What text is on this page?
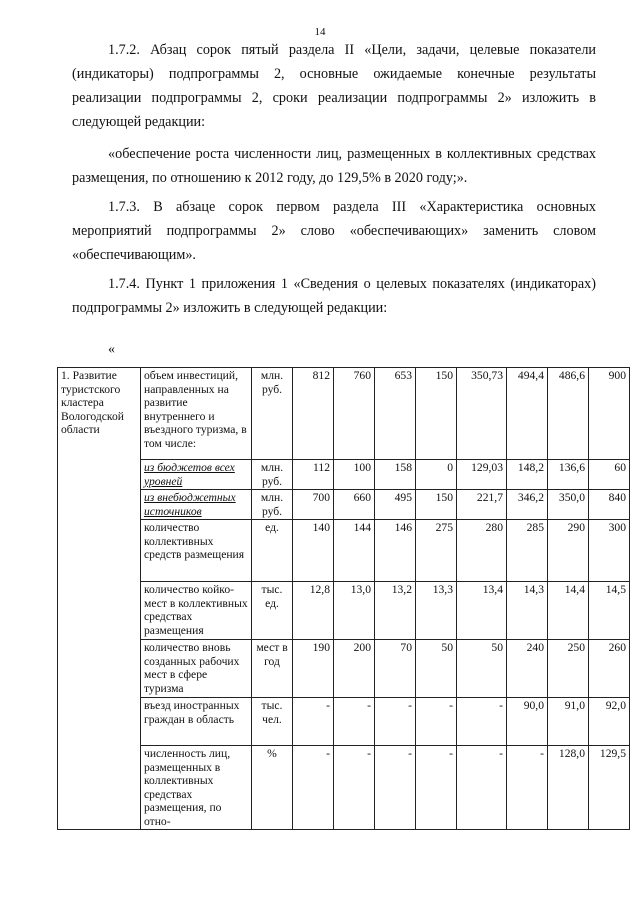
14

1.7.2. Абзац сорок пятый раздела II «Цели, задачи, целевые показатели (индикаторы) подпрограммы 2, основные ожидаемые конечные результаты реализации подпрограммы 2, сроки реализации подпрограммы 2» изложить в следующей редакции:

«обеспечение роста численности лиц, размещенных в коллективных средствах размещения, по отношению к 2012 году, до 129,5% в 2020 году;».

1.7.3. В абзаце сорок первом раздела III «Характеристика основных мероприятий подпрограммы 2» слово «обеспечивающих» заменить словом «обеспечивающим».

1.7.4. Пункт 1 приложения 1 «Сведения о целевых показателях (индикаторах) подпрограммы 2» изложить в следующей редакции:

«
1. Развитие туристского кластера Вологодской области	объем инвестиций, направленных на развитие внутреннего и въездного туризма, в том числе:	млн. руб.	812	760	653	150	350,73	494,4	486,6	900
	из бюджетов всех уровней	млн. руб.	112	100	158	0	129,03	148,2	136,6	60
	из внебюджетных источников	млн. руб.	700	660	495	150	221,7	346,2	350,0	840
	количество коллективных средств размещения	ед.	140	144	146	275	280	285	290	300
	количество койко-мест в коллективных средствах размещения	тыс. ед.	12,8	13,0	13,2	13,3	13,4	14,3	14,4	14,5
	количество вновь созданных рабочих мест в сфере туризма	мест в год	190	200	70	50	50	240	250	260
	въезд иностранных граждан в область	тыс. чел.	-	-	-	-	-	90,0	91,0	92,0
	численность лиц, размещенных в коллективных средствах размещения, по отно-	%	-	-	-	-	-	-	128,0	129,5
